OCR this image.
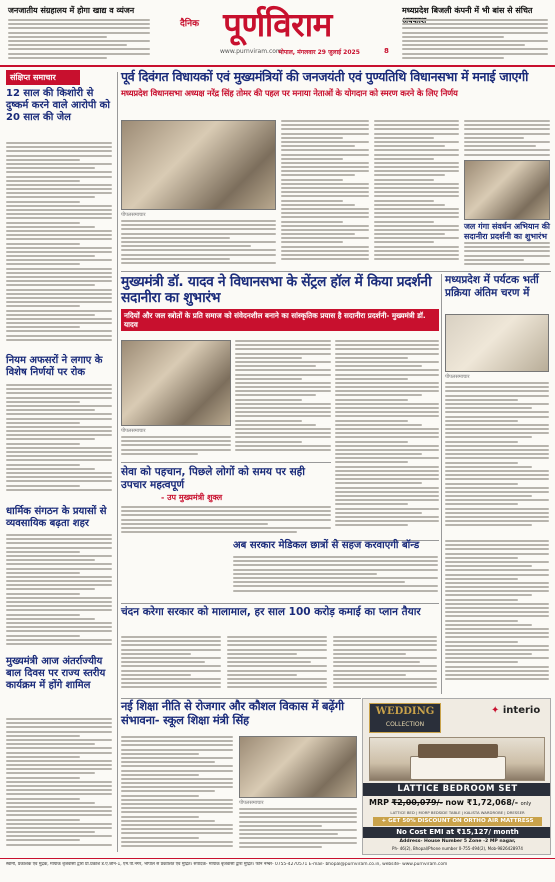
जनजातीय संग्रहालय में होगा खाद्य व व्यंजन
दैनिक पूर्णविराम
www.purnviram.com
भोपाल, मंगलवार 29 जुलाई 2025	8
मध्यप्रदेश बिजली कंपनी में भी बांस से संचित
संक्षिप्त समाचार
12 साल की किशोरी से दुष्कर्म करने वाले आरोपी को 20 साल की जेल
नियम अफसरों ने लगाए के विशेष निर्णयों पर रोक
धार्मिक संगठन के प्रयासों से व्यवसायिक बढ़ता शहर
मुख्यमंत्री आज अंतर्राज्यीय बाल दिवस पर राज्य स्तरीय कार्यक्रम में होंगे शामिल
पूर्व दिवंगत विधायकों एवं मुख्यमंत्रियों की जनजयंती एवं पुण्यतिथि विधानसभा में मनाई जाएगी
मध्यप्रदेश विधानसभा अध्यक्ष नरेंद्र सिंह तोमर की पहल पर मनाया नेताओं के योगदान को स्मरण करने के लिए निर्णय
पीपलसमाचार
जल गंगा संवर्धन अभियान की सदानीरा प्रदर्शनी का शुभारंभ
मुख्यमंत्री डॉ. यादव ने विधानसभा के सेंट्रल हॉल में किया प्रदर्शनी सदानीरा का शुभारंभ
नदियों और जल स्त्रोतों के प्रति समाज को संवेदनशील बनाने का सांस्कृतिक प्रयास है सदानीरा प्रदर्शनी- मुख्यमंत्री डॉ. यादव
पीपलसमाचार
सेवा को पहचान, पिछले लोगों को समय पर सही उपचार महत्वपूर्ण
- उप मुख्यमंत्री शुक्ल
मध्यप्रदेश में पर्यटक भर्ती प्रक्रिया अंतिम चरण में
पीपलसमाचार
अब सरकार मेडिकल छात्रों से सहज करवाएगी बॉन्ड
चंदन करेगा सरकार को मालामाल, हर साल 100 करोड़ कमाई का प्लान तैयार
नई शिक्षा नीति से रोजगार और कौशल विकास में बढ़ेंगी संभावना- स्कूल शिक्षा मंत्री सिंह
पीपलसमाचार
WEDDING
COLLECTION
✦ interio
LATTICE BEDROOM SET
MRP ₹2,00,079/- now ₹1,72,068/- only
LATTICE BED | MORP BEDSIDE TABLE | KALISTA WARDROBE | DRESSER
+ GET 50% DISCOUNT ON ORTHO AIR MATTRESS
No Cost EMI at ₹15,127/ month
Address- House Number 5 Zone -2 MP nagar,
Ph- 46(2), Bhopal/Phone number 0-755-494(2), Mob-9826428974
स्वामी, प्रकाशक एवं मुद्रक, मायांक बृजवासी द्वारा प्रो.प्रकाश ड.ए.जोन-1, एम.पी.नगर, भोपाल से प्रकाशित एवं मुद्रित। संपादक- मायांक बृजवासी द्वारा मुद्रित। फोन नम्बर- 0755-4270571 E-mail- bhopal@purnviram.co.in, website- www.purnviram.com
